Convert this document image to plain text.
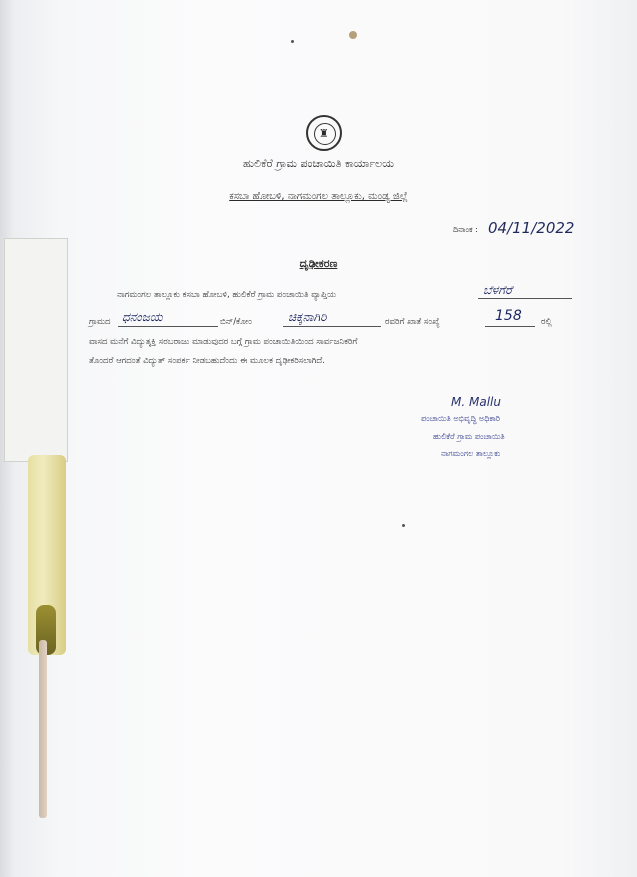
♜
ಹುಲಿಕೆರೆ ಗ್ರಾಮ ಪಂಚಾಯಿತಿ ಕಾರ್ಯಾಲಯ
ಕಸಬಾ ಹೋಬಳಿ, ನಾಗಮಂಗಲ ತಾಲ್ಲೂಕು, ಮಂಡ್ಯ ಜಿಲ್ಲೆ
ದಿನಾಂಕ : 04/11/2022
ದೃಢೀಕರಣ
ನಾಗಮಂಗಲ ತಾಲ್ಲೂಕು ಕಸಬಾ ಹೋಬಳಿ, ಹುಲಿಕೆರೆ ಗ್ರಾಮ ಪಂಚಾಯಿತಿ ವ್ಯಾಪ್ತಿಯ	ಬೆಳಗೆರೆ
ಗ್ರಾಮದ ಧನಂಜಯ	ಬಿನ್/ಕೋಂ	ಚಿಕ್ಕನಾಗಿರಿ	ರವರಿಗೆ ಖಾತೆ ಸಂಖ್ಯೆ	158 ರಲ್ಲಿ
ವಾಸದ ಮನೆಗೆ ವಿದ್ಯುತ್ಶಕ್ತಿ ಸರಬರಾಜು ಮಾಡುವುದರ ಬಗ್ಗೆ ಗ್ರಾಮ ಪಂಚಾಯಿತಿಯಿಂದ ಸಾರ್ವಜನಿಕರಿಗೆ
ತೊಂದರೆ ಆಗದಂತೆ ವಿದ್ಯುತ್ ಸಂಪರ್ಕ ನೀಡಬಹುದೆಂದು ಈ ಮೂಲಕ ದೃಢೀಕರಿಸಲಾಗಿದೆ.
M. Mallu
ಪಂಚಾಯಿತಿ ಅಭಿವೃದ್ಧಿ ಅಧಿಕಾರಿ
ಹುಲಿಕೆರೆ ಗ್ರಾಮ ಪಂಚಾಯಿತಿ
ನಾಗಮಂಗಲ ತಾಲ್ಲೂಕು
